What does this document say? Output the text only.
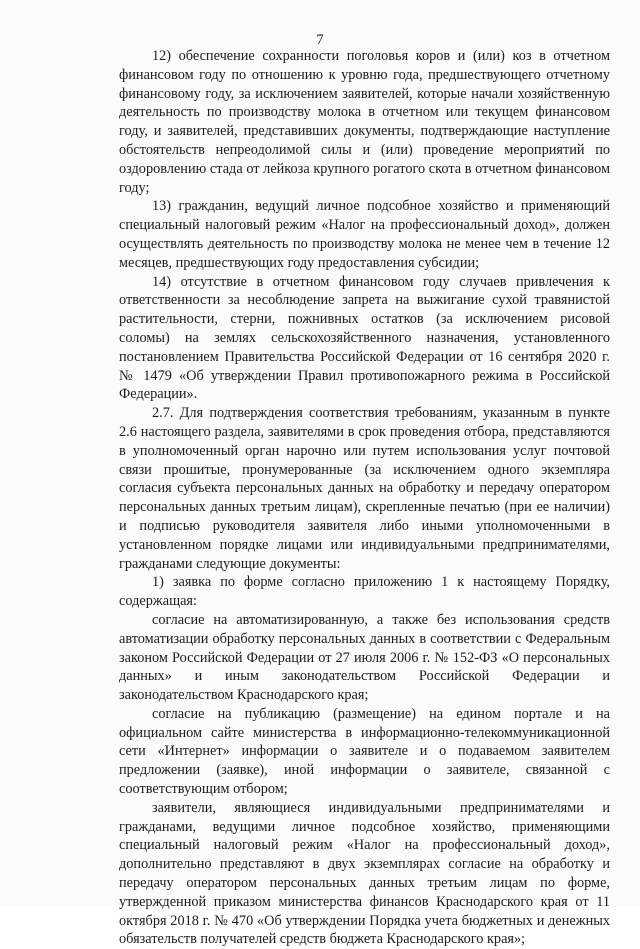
7

12) обеспечение сохранности поголовья коров и (или) коз в отчетном финансовом году по отношению к уровню года, предшествующего отчетному финансовому году, за исключением заявителей, которые начали хозяйственную деятельность по производству молока в отчетном или текущем финансовом году, и заявителей, представивших документы, подтверждающие наступление обстоятельств непреодолимой силы и (или) проведение мероприятий по оздоровлению стада от лейкоза крупного рогатого скота в отчетном финансовом году;

13) гражданин, ведущий личное подсобное хозяйство и применяющий специальный налоговый режим «Налог на профессиональный доход», должен осуществлять деятельность по производству молока не менее чем в течение 12 месяцев, предшествующих году предоставления субсидии;

14) отсутствие в отчетном финансовом году случаев привлечения к ответственности за несоблюдение запрета на выжигание сухой травянистой растительности, стерни, пожнивных остатков (за исключением рисовой соломы) на землях сельскохозяйственного назначения, установленного постановлением Правительства Российской Федерации от 16 сентября 2020 г. № 1479 «Об утверждении Правил противопожарного режима в Российской Федерации».

2.7. Для подтверждения соответствия требованиям, указанным в пункте 2.6 настоящего раздела, заявителями в срок проведения отбора, представляются в уполномоченный орган нарочно или путем использования услуг почтовой связи прошитые, пронумерованные (за исключением одного экземпляра согласия субъекта персональных данных на обработку и передачу оператором персональных данных третьим лицам), скрепленные печатью (при ее наличии) и подписью руководителя заявителя либо иными уполномоченными в установленном порядке лицами или индивидуальными предпринимателями, гражданами следующие документы:

1) заявка по форме согласно приложению 1 к настоящему Порядку, содержащая:

согласие на автоматизированную, а также без использования средств автоматизации обработку персональных данных в соответствии с Федеральным законом Российской Федерации от 27 июля 2006 г. № 152-ФЗ «О персональных данных» и иным законодательством Российской Федерации и законодательством Краснодарского края;

согласие на публикацию (размещение) на едином портале и на официальном сайте министерства в информационно-телекоммуникационной сети «Интернет» информации о заявителе и о подаваемом заявителем предложении (заявке), иной информации о заявителе, связанной с соответствующим отбором;

заявители, являющиеся индивидуальными предпринимателями и гражданами, ведущими личное подсобное хозяйство, применяющими специальный налоговый режим «Налог на профессиональный доход», дополнительно представляют в двух экземплярах согласие на обработку и передачу оператором персональных данных третьим лицам по форме, утвержденной приказом министерства финансов Краснодарского края от 11 октября 2018 г. № 470 «Об утверждении Порядка учета бюджетных и денежных обязательств получателей средств бюджета Краснодарского края»;
